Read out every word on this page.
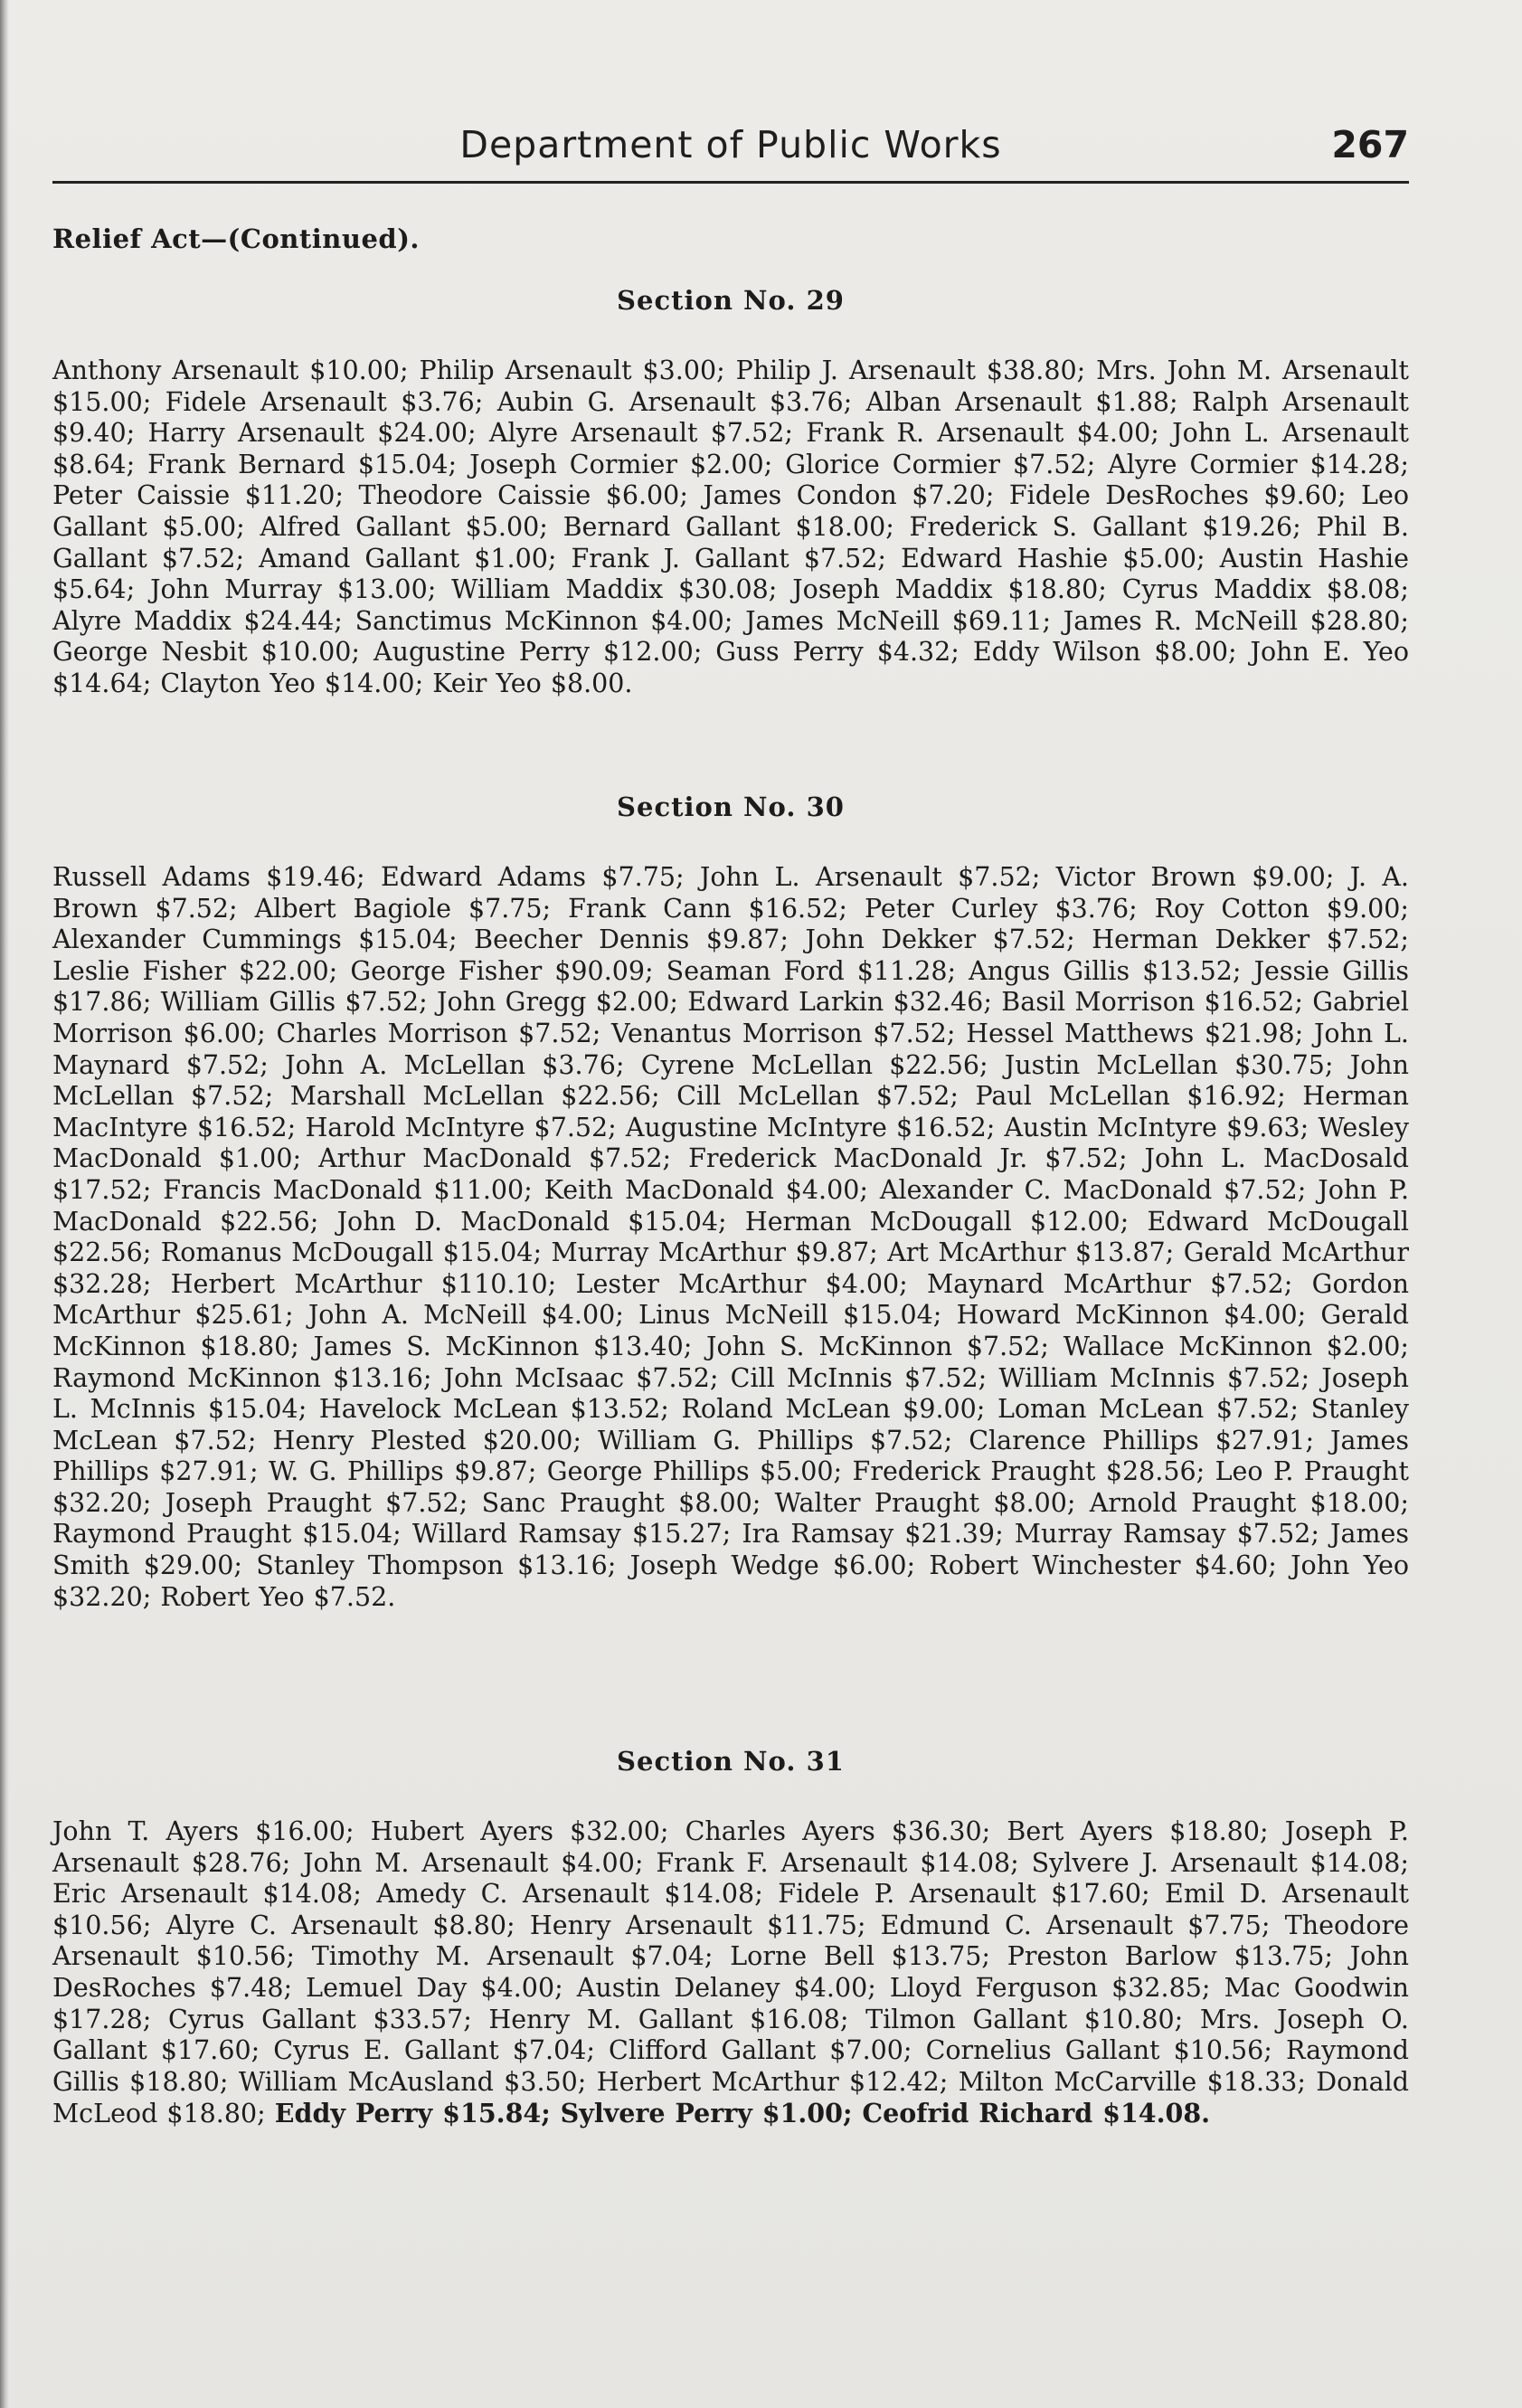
Department of Public Works	267
Relief Act—(Continued).
Section No. 29

Anthony Arsenault $10.00; Philip Arsenault $3.00; Philip J. Arsenault $38.80; Mrs. John M. Arsenault $15.00; Fidele Arsenault $3.76; Aubin G. Arsenault $3.76; Alban Arsenault $1.88; Ralph Arsenault $9.40; Harry Arsenault $24.00; Alyre Arsenault $7.52; Frank R. Arsenault $4.00; John L. Arsenault $8.64; Frank Bernard $15.04; Joseph Cormier $2.00; Glorice Cormier $7.52; Alyre Cormier $14.28; Peter Caissie $11.20; Theodore Caissie $6.00; James Condon $7.20; Fidele DesRoches $9.60; Leo Gallant $5.00; Alfred Gallant $5.00; Bernard Gallant $18.00; Frederick S. Gallant $19.26; Phil B. Gallant $7.52; Amand Gallant $1.00; Frank J. Gallant $7.52; Edward Hashie $5.00; Austin Hashie $5.64; John Murray $13.00; William Maddix $30.08; Joseph Maddix $18.80; Cyrus Maddix $8.08; Alyre Maddix $24.44; Sanctimus McKinnon $4.00; James McNeill $69.11; James R. McNeill $28.80; George Nesbit $10.00; Augustine Perry $12.00; Guss Perry $4.32; Eddy Wilson $8.00; John E. Yeo $14.64; Clayton Yeo $14.00; Keir Yeo $8.00.

Section No. 30

Russell Adams $19.46; Edward Adams $7.75; John L. Arsenault $7.52; Victor Brown $9.00; J. A. Brown $7.52; Albert Bagiole $7.75; Frank Cann $16.52; Peter Curley $3.76; Roy Cotton $9.00; Alexander Cummings $15.04; Beecher Dennis $9.87; John Dekker $7.52; Herman Dekker $7.52; Leslie Fisher $22.00; George Fisher $90.09; Seaman Ford $11.28; Angus Gillis $13.52; Jessie Gillis $17.86; William Gillis $7.52; John Gregg $2.00; Edward Larkin $32.46; Basil Morrison $16.52; Gabriel Morrison $6.00; Charles Morrison $7.52; Venantus Morrison $7.52; Hessel Matthews $21.98; John L. Maynard $7.52; John A. McLellan $3.76; Cyrene McLellan $22.56; Justin McLellan $30.75; John McLellan $7.52; Marshall McLellan $22.56; Cill McLellan $7.52; Paul McLellan $16.92; Herman MacIntyre $16.52; Harold McIntyre $7.52; Augustine McIntyre $16.52; Austin McIntyre $9.63; Wesley MacDonald $1.00; Arthur MacDonald $7.52; Frederick MacDonald Jr. $7.52; John L. MacDosald $17.52; Francis MacDonald $11.00; Keith MacDonald $4.00; Alexander C. MacDonald $7.52; John P. MacDonald $22.56; John D. MacDonald $15.04; Herman McDougall $12.00; Edward McDougall $22.56; Romanus McDougall $15.04; Murray McArthur $9.87; Art McArthur $13.87; Gerald McArthur $32.28; Herbert McArthur $110.10; Lester McArthur $4.00; Maynard McArthur $7.52; Gordon McArthur $25.61; John A. McNeill $4.00; Linus McNeill $15.04; Howard McKinnon $4.00; Gerald McKinnon $18.80; James S. McKinnon $13.40; John S. McKinnon $7.52; Wallace McKinnon $2.00; Raymond McKinnon $13.16; John McIsaac $7.52; Cill McInnis $7.52; William McInnis $7.52; Joseph L. McInnis $15.04; Havelock McLean $13.52; Roland McLean $9.00; Loman McLean $7.52; Stanley McLean $7.52; Henry Plested $20.00; William G. Phillips $7.52; Clarence Phillips $27.91; James Phillips $27.91; W. G. Phillips $9.87; George Phillips $5.00; Frederick Praught $28.56; Leo P. Praught $32.20; Joseph Praught $7.52; Sanc Praught $8.00; Walter Praught $8.00; Arnold Praught $18.00; Raymond Praught $15.04; Willard Ramsay $15.27; Ira Ramsay $21.39; Murray Ramsay $7.52; James Smith $29.00; Stanley Thompson $13.16; Joseph Wedge $6.00; Robert Winchester $4.60; John Yeo $32.20; Robert Yeo $7.52.

Section No. 31

John T. Ayers $16.00; Hubert Ayers $32.00; Charles Ayers $36.30; Bert Ayers $18.80; Joseph P. Arsenault $28.76; John M. Arsenault $4.00; Frank F. Arsenault $14.08; Sylvere J. Arsenault $14.08; Eric Arsenault $14.08; Amedy C. Arsenault $14.08; Fidele P. Arsenault $17.60; Emil D. Arsenault $10.56; Alyre C. Arsenault $8.80; Henry Arsenault $11.75; Edmund C. Arsenault $7.75; Theodore Arsenault $10.56; Timothy M. Arsenault $7.04; Lorne Bell $13.75; Preston Barlow $13.75; John DesRoches $7.48; Lemuel Day $4.00; Austin Delaney $4.00; Lloyd Ferguson $32.85; Mac Goodwin $17.28; Cyrus Gallant $33.57; Henry M. Gallant $16.08; Tilmon Gallant $10.80; Mrs. Joseph O. Gallant $17.60; Cyrus E. Gallant $7.04; Clifford Gallant $7.00; Cornelius Gallant $10.56; Raymond Gillis $18.80; William McAusland $3.50; Herbert McArthur $12.42; Milton McCarville $18.33; Donald McLeod $18.80; Eddy Perry $15.84; Sylvere Perry $1.00; Ceofrid Richard $14.08.
